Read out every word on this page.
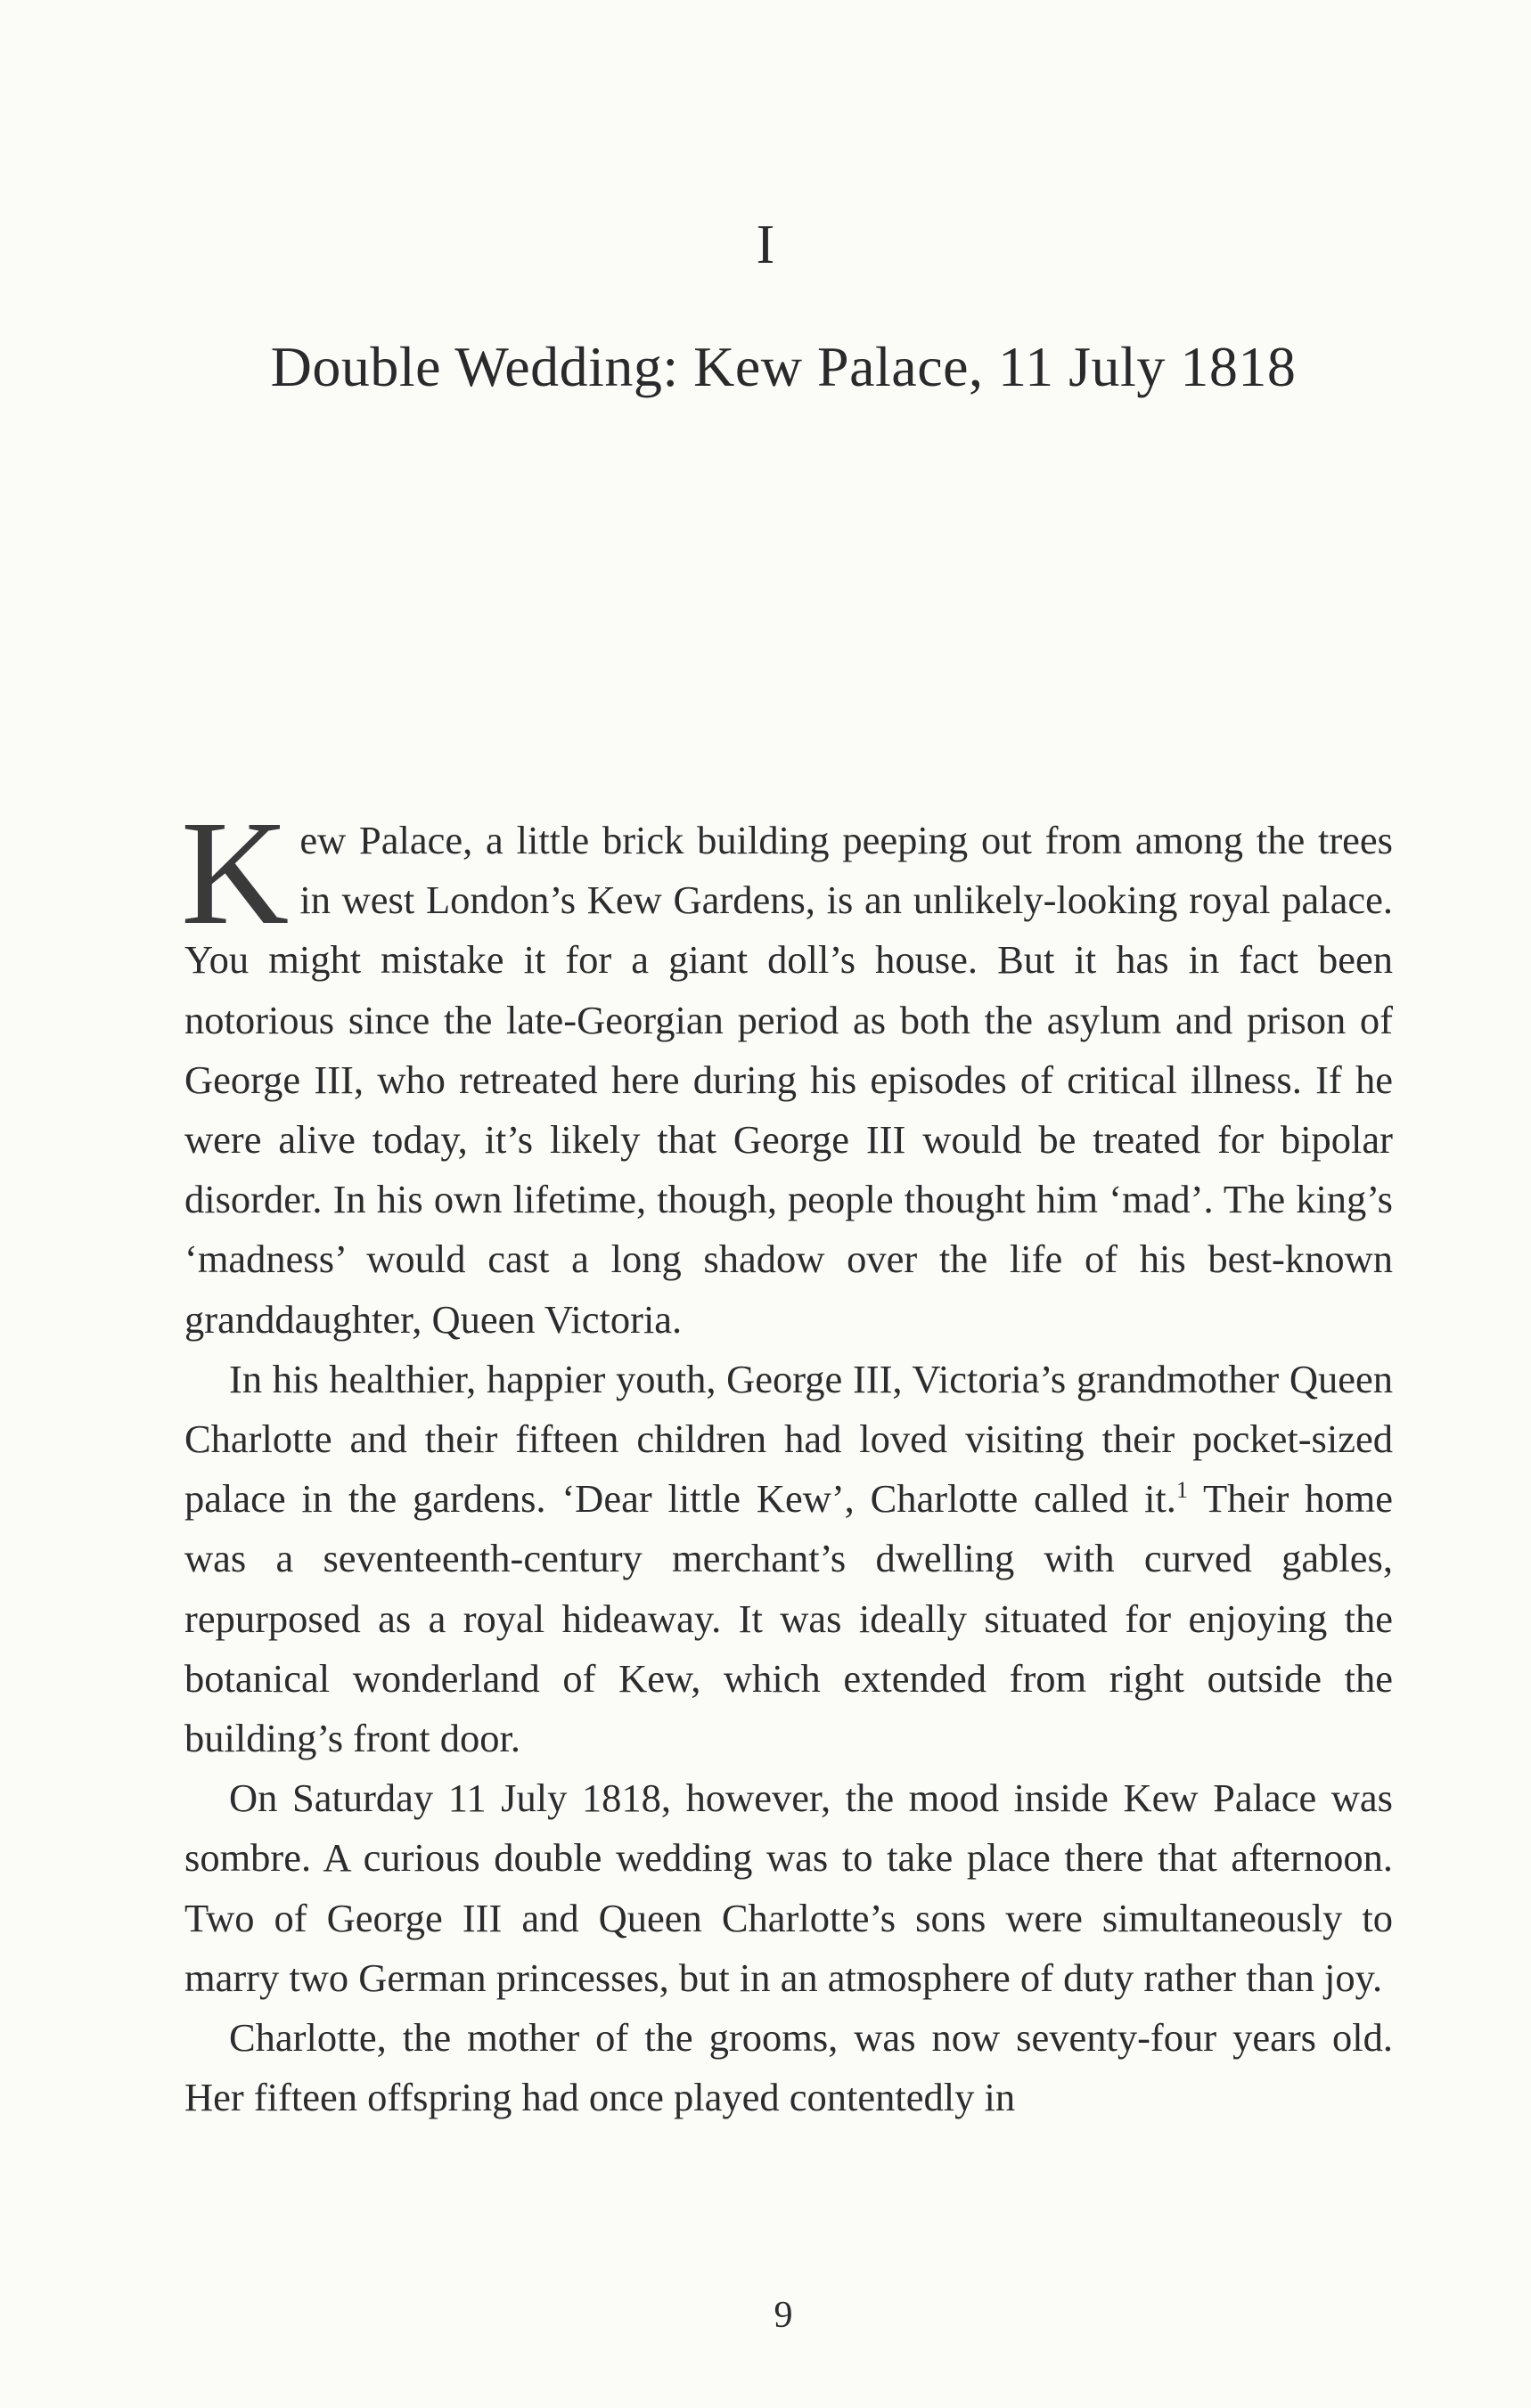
I
Double Wedding: Kew Palace, 11 July 1818

Kew Palace, a little brick building peeping out from among the trees in west London’s Kew Gardens, is an unlikely-looking royal palace. You might mistake it for a giant doll’s house. But it has in fact been notorious since the late-Georgian period as both the asylum and prison of George III, who retreated here during his episodes of critical illness. If he were alive today, it’s likely that George III would be treated for bipolar disorder. In his own lifetime, though, people thought him ‘mad’. The king’s ‘madness’ would cast a long shadow over the life of his best-known granddaughter, Queen Victoria.

In his healthier, happier youth, George III, Victoria’s grandmother Queen Charlotte and their fifteen children had loved visiting their pocket-sized palace in the gardens. ‘Dear little Kew’, Charlotte called it.$^1$ Their home was a seventeenth-century merchant’s dwelling with curved gables, repurposed as a royal hideaway. It was ideally situated for enjoying the botanical wonderland of Kew, which extended from right outside the building’s front door.

On Saturday 11 July 1818, however, the mood inside Kew Palace was sombre. A curious double wedding was to take place there that afternoon. Two of George III and Queen Charlotte’s sons were simultaneously to marry two German princesses, but in an atmosphere of duty rather than joy.

Charlotte, the mother of the grooms, was now seventy-four years old. Her fifteen offspring had once played contentedly in

9
